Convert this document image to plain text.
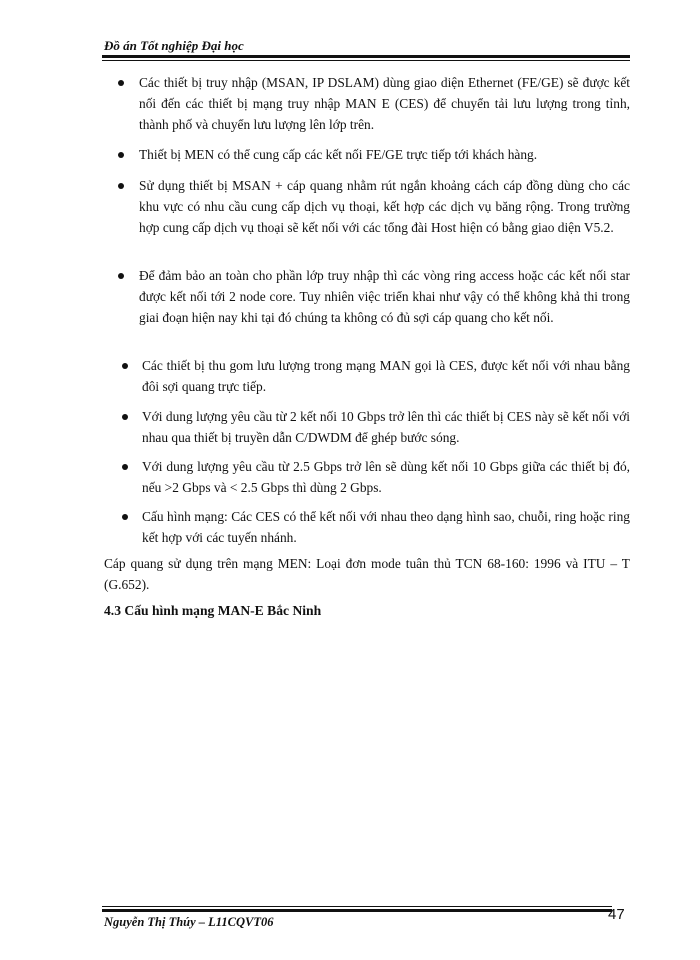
Đồ án Tốt nghiệp Đại học
Các thiết bị truy nhập (MSAN, IP DSLAM) dùng giao diện Ethernet (FE/GE) sẽ được kết nối đến các thiết bị mạng truy nhập MAN E (CES) để chuyển tải lưu lượng trong tỉnh, thành phố và chuyển lưu lượng lên lớp trên.
Thiết bị MEN có thể cung cấp các kết nối FE/GE trực tiếp tới khách hàng.
Sử dụng thiết bị MSAN + cáp quang nhằm rút ngắn khoảng cách cáp đồng dùng cho các khu vực có nhu cầu cung cấp dịch vụ thoại, kết hợp các dịch vụ băng rộng. Trong trường hợp cung cấp dịch vụ thoại sẽ kết nối với các tổng đài Host hiện có bằng giao diện V5.2.
Để đảm bảo an toàn cho phần lớp truy nhập thì các vòng ring access hoặc các kết nối star được kết nối tới 2 node core. Tuy nhiên việc triển khai như vậy có thể không khả thi trong giai đoạn hiện nay khi tại đó chúng ta không có đủ sợi cáp quang cho kết nối.
Các thiết bị thu gom lưu lượng trong mạng MAN gọi là CES, được kết nối với nhau bằng đôi sợi quang trực tiếp.
Với dung lượng yêu cầu từ 2 kết nối 10 Gbps trở lên thì các thiết bị CES này sẽ kết nối với nhau qua thiết bị truyền dẫn C/DWDM để ghép bước sóng.
Với dung lượng yêu cầu từ 2.5 Gbps trở lên sẽ dùng kết nối 10 Gbps giữa các thiết bị đó, nếu >2 Gbps và < 2.5 Gbps thì dùng 2 Gbps.
Cấu hình mạng: Các CES có thể kết nối với nhau theo dạng hình sao, chuỗi, ring hoặc ring kết hợp với các tuyến nhánh.
Cáp quang sử dụng trên mạng MEN: Loại đơn mode tuân thủ TCN 68-160: 1996 và ITU – T (G.652).
4.3 Cấu hình mạng MAN-E Bắc Ninh
Nguyễn Thị Thúy – L11CQVT06	47
